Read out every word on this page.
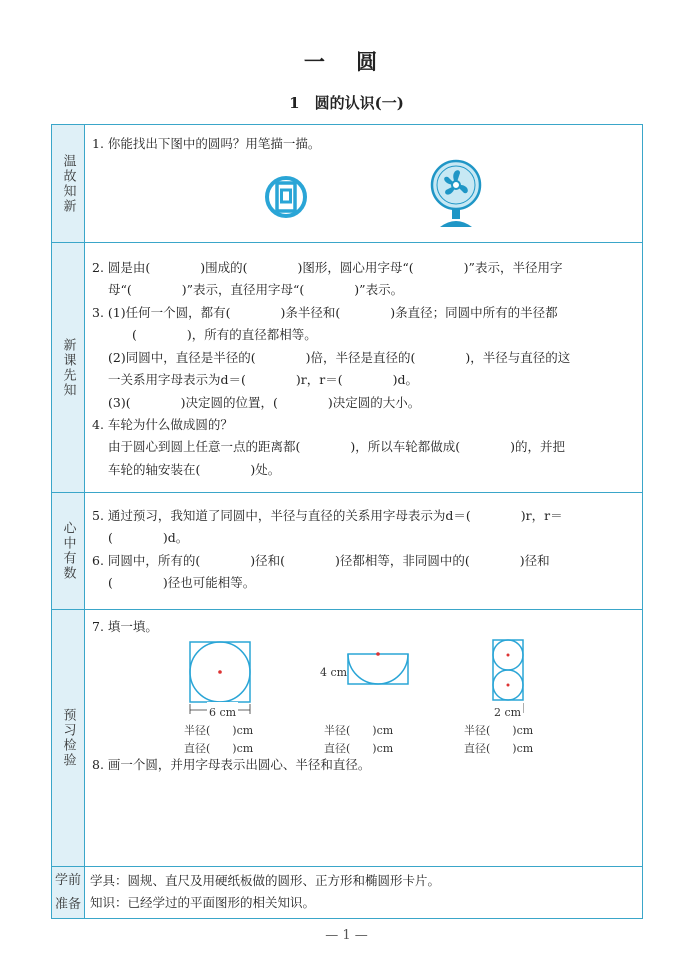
一 圆
1　圆的认识(一)
温故知新
1. 你能找出下图中的圆吗？用笔描一描。
新课先知
2. 圆是由(　　　　)围成的(　　　　)图形，圆心用字母“(　　　　)”表示，半径用字
母“(　　　　)”表示，直径用字母“(　　　　)”表示。
3. (1)任何一个圆，都有(　　　　)条半径和(　　　　)条直径；同圆中所有的半径都
(　　　　)，所有的直径都相等。
(2)同圆中，直径是半径的(　　　　)倍，半径是直径的(　　　　)，半径与直径的这
一关系用字母表示为d＝(　　　　)r，r＝(　　　　)d。
(3)(　　　　)决定圆的位置，(　　　　)决定圆的大小。
4. 车轮为什么做成圆的？
由于圆心到圆上任意一点的距离都(　　　　)，所以车轮都做成(　　　　)的，并把
车轮的轴安装在(　　　　)处。
心中有数
5. 通过预习，我知道了同圆中，半径与直径的关系用字母表示为d＝(　　　　)r，r＝
(　　　　)d。
6. 同圆中，所有的(　　　　)径和(　　　　)径都相等，非同圆中的(　　　　)径和
(　　　　)径也可能相等。
预习检验
7. 填一填。
6 cm
4 cm
2 cm
半径(　　)cm
直径(　　)cm
半径(　　)cm
直径(　　)cm
半径(　　)cm
直径(　　)cm
8. 画一个圆，并用字母表示出圆心、半径和直径。
学前
准备
学具：圆规、直尺及用硬纸板做的圆形、正方形和椭圆形卡片。
知识：已经学过的平面图形的相关知识。
— 1 —
